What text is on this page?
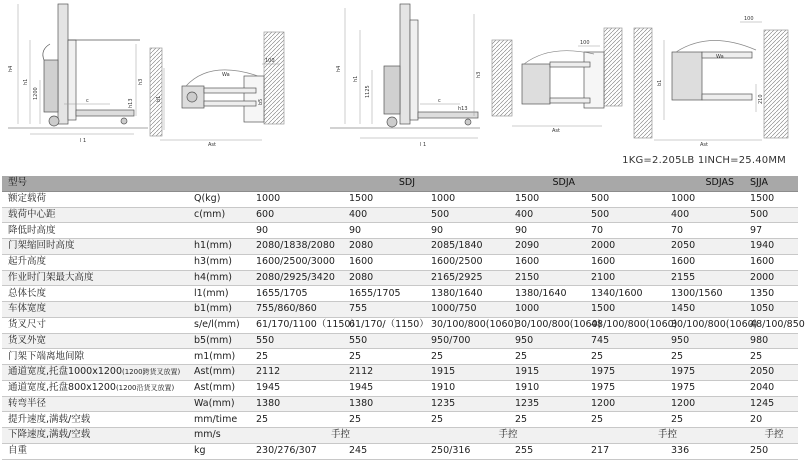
h4
h1
1200
c	h13
l 1
h3
100
Wa
b1	b5
Ast
h4
h1
1125
c
l 1
h3
h13
100
Ast
100
Wa
b1
210
Ast
1KG=2.205LB 1INCH=25.40MM
型号		SDJ		SDJA		SDJAS		SJJA
额定载荷	Q(kg)	1000	1500	1000	1500	500	1000	1500
载荷中心距	c(mm)	600	400	500	400	500	400	500
降低时高度		90	90	90	90	70	70	97
门架缩回时高度	h1(mm)	2080/1838/2080	2080	2085/1840	2090	2000	2050	1940
起升高度	h3(mm)	1600/2500/3000	1600	1600/2500	1600	1600	1600	1600
作业时门架最大高度	h4(mm)	2080/2925/3420	2080	2165/2925	2150	2100	2155	2000
总体长度	l1(mm)	1655/1705	1655/1705	1380/1640	1380/1640	1340/1600	1300/1560	1350
车体宽度	b1(mm)	755/860/860	755	1000/750	1000	1500	1450	1050
货叉尺寸	s/e/l(mm)	61/170/1100（1150）	61/170/（1150）	30/100/800(1060)	30/100/800(1060)	48/100/800(1060)	30/100/800(1060)	48/100/850
货叉外宽	b5(mm)	550	550	950/700	950	745	950	980
门架下端离地间隙	m1(mm)	25	25	25	25	25	25	25
通道宽度,托盘1000x1200(1200跨货叉放置)	Ast(mm)	2112	2112	1915	1915	1975	1975	2050
通道宽度,托盘800x1200(1200沿货叉放置)	Ast(mm)	1945	1945	1910	1910	1975	1975	2040
转弯半径	Wa(mm)	1380	1380	1235	1235	1200	1200	1245
提升速度,满载/空载	mm/time	25	25	25	25	25	25	20
下降速度,满载/空载	mm/s	手控		手控		手控		手控
自重	kg	230/276/307	245	250/316	255	217	336	250
